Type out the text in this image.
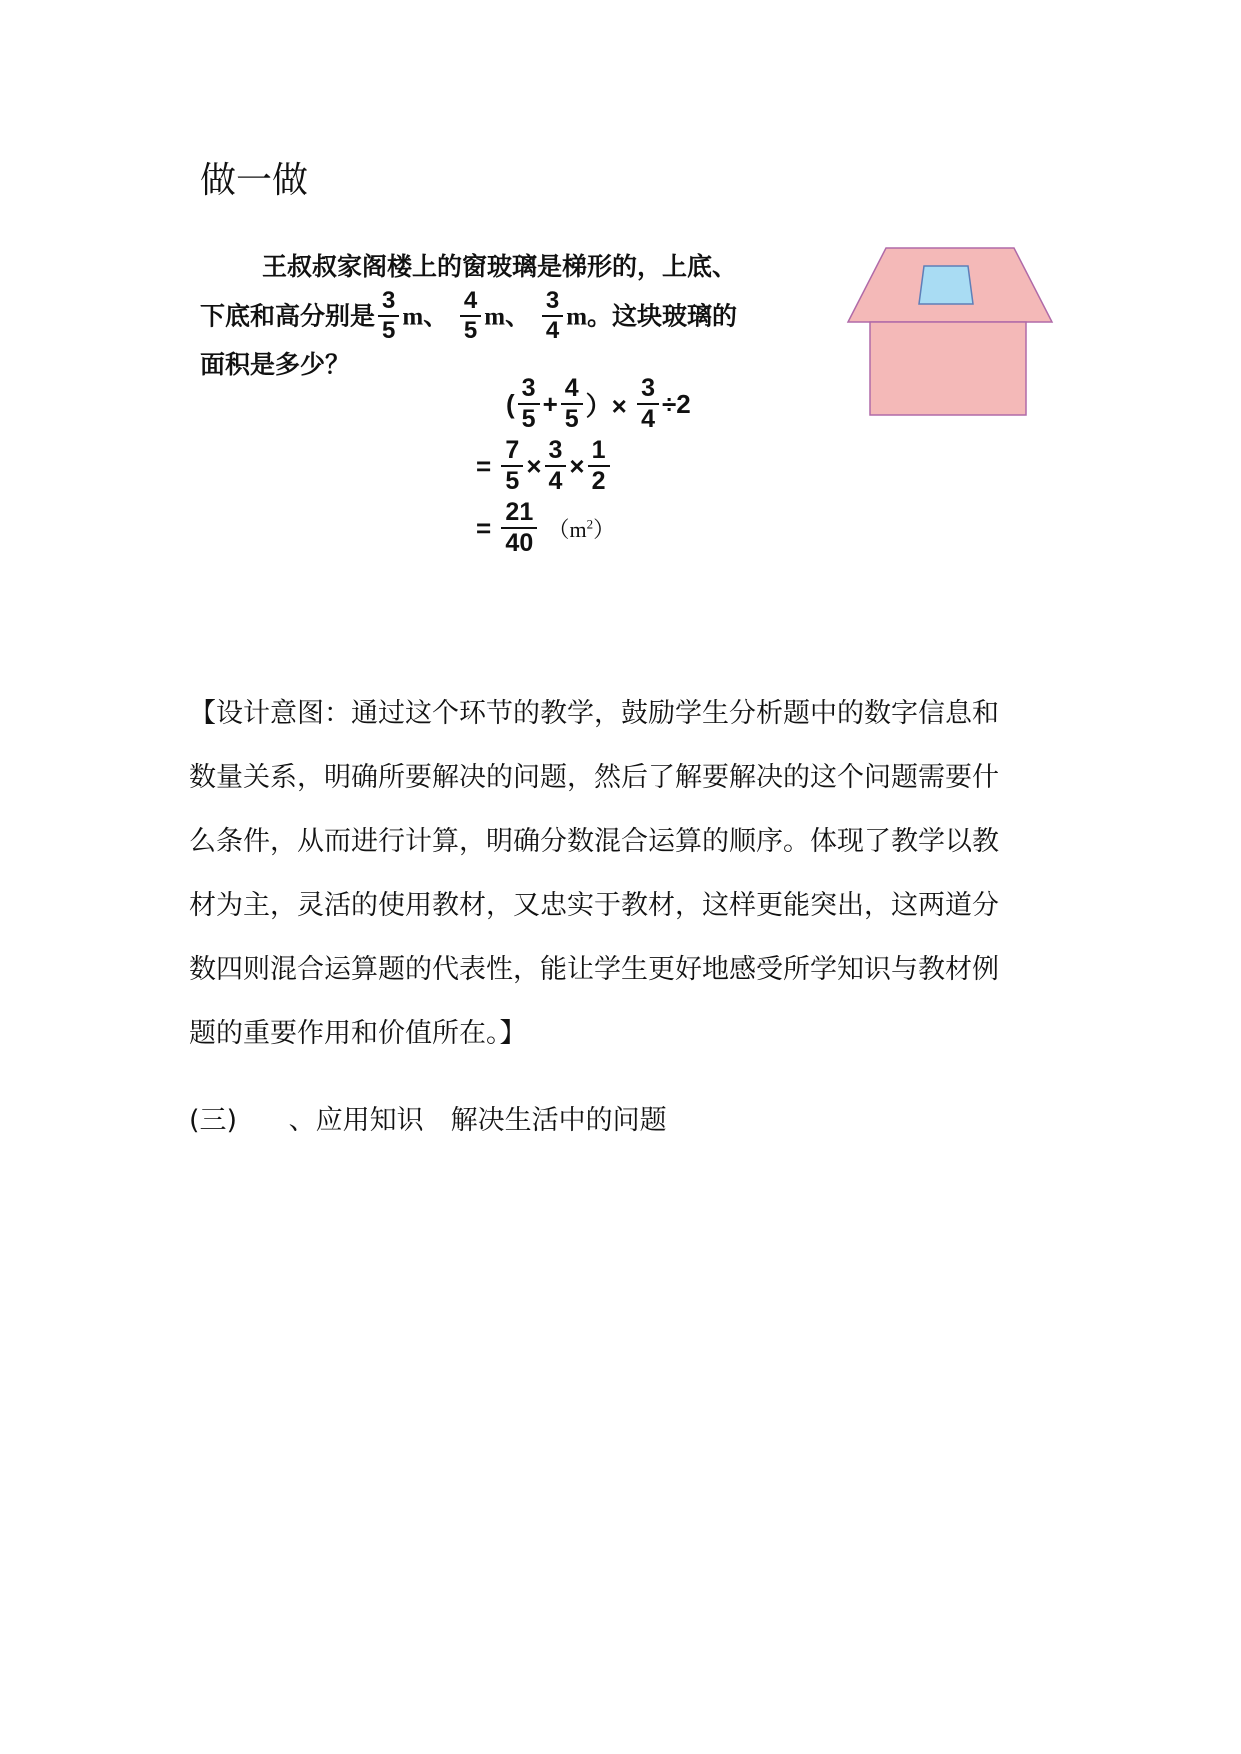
做一做
王叔叔家阁楼上的窗玻璃是梯形的，上底、
下底和高分别是 $\frac{3}{5}$ m、 $\frac{4}{5}$ m、 $\frac{3}{4}$ m。这块玻璃的
面积是多少？
( $\frac{3}{5} + \frac{4}{5}$ ）× $\frac{3}{4} \div 2$
= $\frac{7}{5} \times \frac{3}{4} \times \frac{1}{2}$
= $\frac{21}{40} (m^2)$
【设计意图：通过这个环节的教学，鼓励学生分析题中的数字信息和
数量关系，明确所要解决的问题，然后了解要解决的这个问题需要什
么条件，从而进行计算，明确分数混合运算的顺序。体现了教学以教
材为主，灵活的使用教材，又忠实于教材，这样更能突出，这两道分
数四则混合运算题的代表性，能让学生更好地感受所学知识与教材例
题的重要作用和价值所在。】
(三) 、应用知识　解决生活中的问题
